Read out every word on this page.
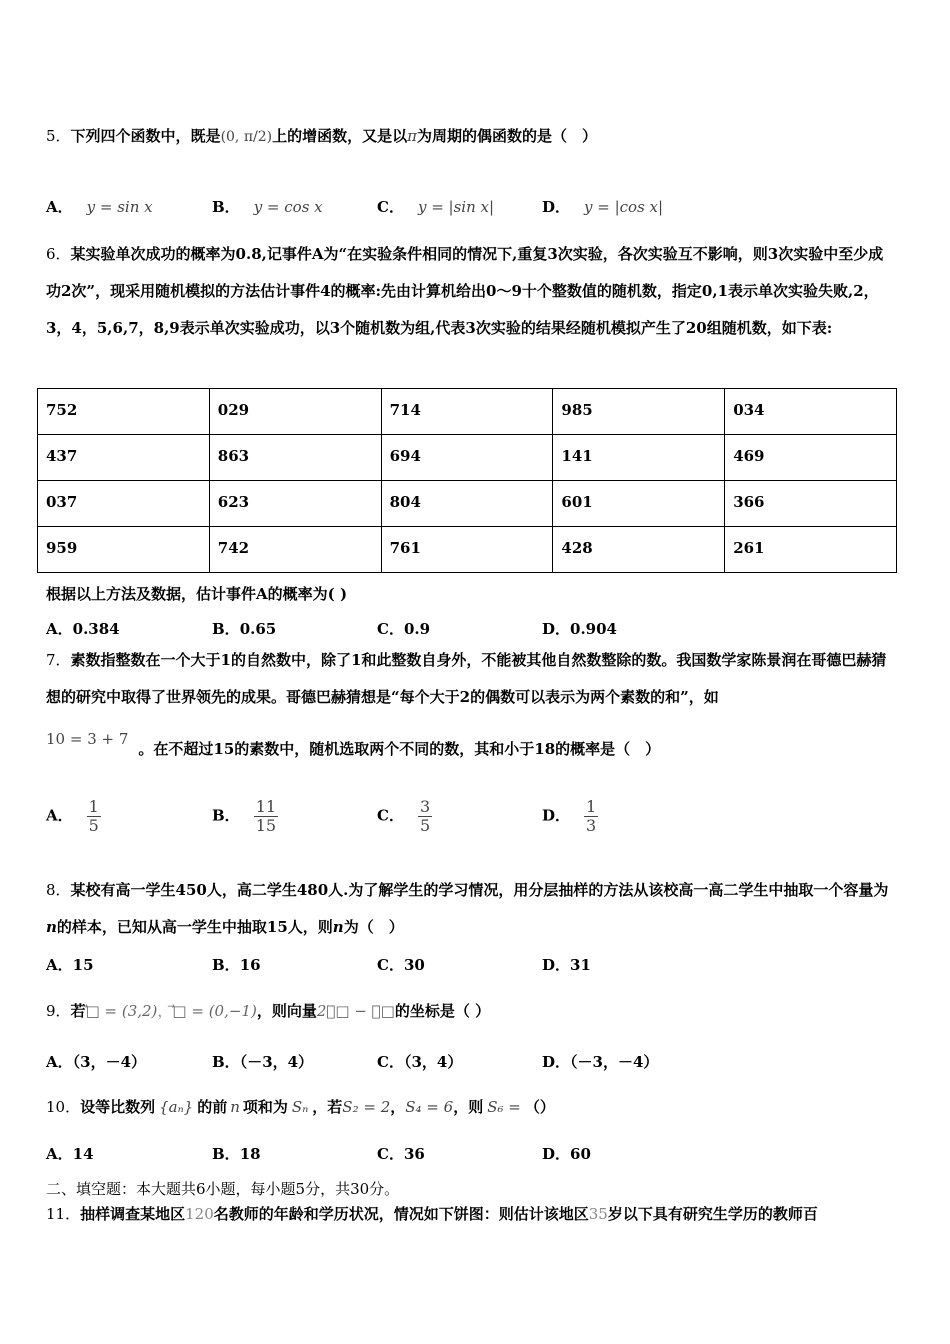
5．下列四个函数中，既是(0, π/2)上的增函数，又是以π为周期的偶函数的是（　）
A． y = sin x	B． y = cos x	C． y = |sin x|	D． y = |cos x|
6．某实验单次成功的概率为0.8,记事件A为“在实验条件相同的情况下,重复3次实验，各次实验互不影响，则3次实验中至少成功2次”，现采用随机模拟的方法估计事件4的概率:先由计算机给出0～9十个整数值的随机数，指定0,1表示单次实验失败,2，3，4，5,6,7，8,9表示单次实验成功，以3个随机数为组,代表3次实验的结果经随机模拟产生了20组随机数，如下表:
752	029	714	985	034
437	863	694	141	469
037	623	804	601	366
959	742	761	428	261
根据以上方法及数据，估计事件A的概率为( )
A．0.384	B．0.65	C．0.9	D．0.904
7．素数指整数在一个大于1的自然数中，除了1和此整数自身外，不能被其他自然数整除的数。我国数学家陈景润在哥德巴赫猜想的研究中取得了世界领先的成果。哥德巴赫猜想是“每个大于2的偶数可以表示为两个素数的和”，如
10 = 3 + 7。在不超过15的素数中，随机选取两个不同的数，其和小于18的概率是（　）
A． $\frac{1}{5}$	B． $\frac{11}{15}$	C． $\frac{3}{5}$	D． $\frac{1}{3}$
8．某校有高一学生450人，高二学生480人.为了解学生的学习情况，用分层抽样的方法从该校高一高二学生中抽取一个容量为n的样本，已知从高一学生中抽取15人，则n为（　）
A．15	B．16	C．30	D．31
9．若⃗□ = (3,2)，⃗□ = (0,−1)，则向量2⃗□ − ⃗□的坐标是（ ）
A．（3，－4）	B．（－3，4）	C．（3，4）	D．（－3，－4）
10．设等比数列 {aₙ} 的前 n 项和为 Sₙ ，若S₂ = 2，S₄ = 6，则 S₆ = （）
A．14	B．18	C．36	D．60
二、填空题：本大题共6小题，每小题5分，共30分。
11．抽样调查某地区120名教师的年龄和学历状况，情况如下饼图：则估计该地区35岁以下具有研究生学历的教师百
